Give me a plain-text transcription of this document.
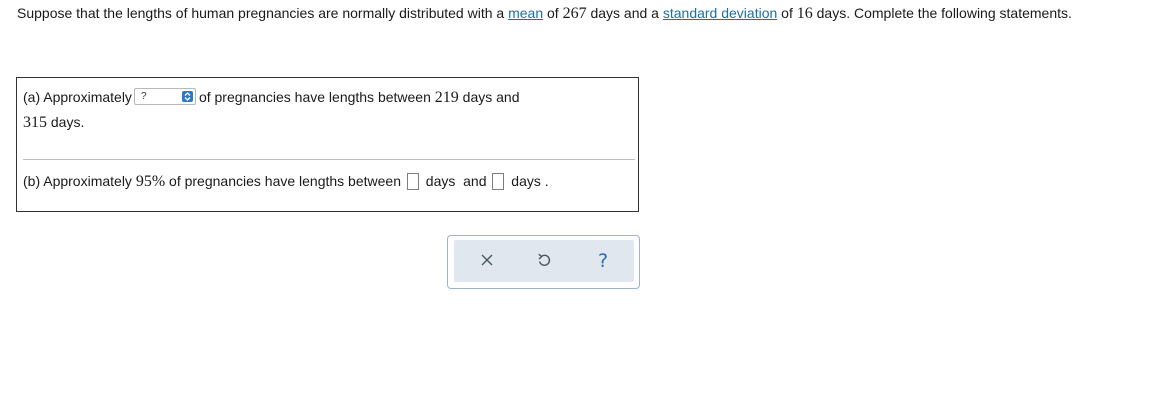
Suppose that the lengths of human pregnancies are normally distributed with a mean of 267 days and a standard deviation of 16 days. Complete the following statements.
(a) Approximately ?	of pregnancies have lengths between 219 days and
315 days.
(b) Approximately 95% of pregnancies have lengths between  days  and  days .
?
